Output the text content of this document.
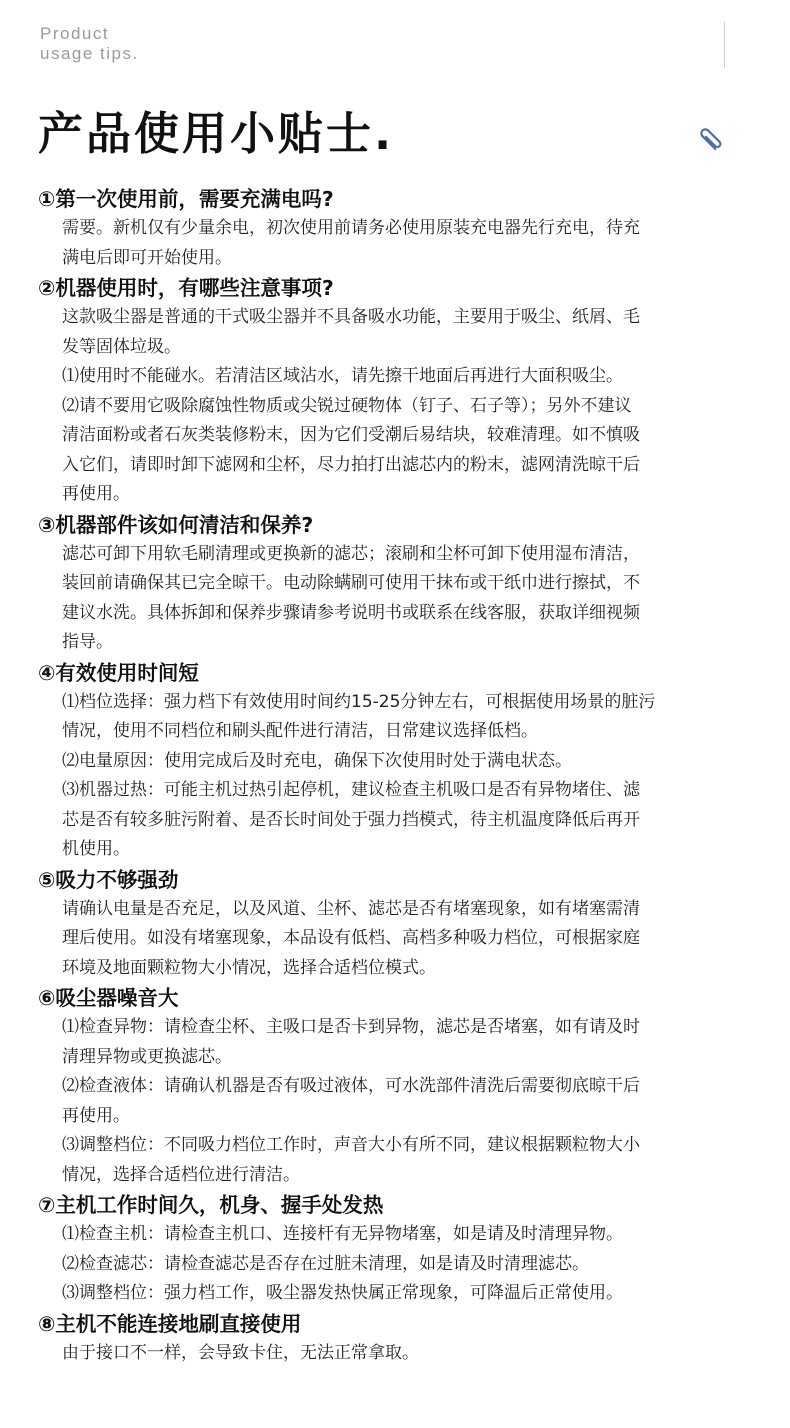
Product
usage tips.
产品使用小贴士.
①第一次使用前，需要充满电吗?
需要。新机仅有少量余电，初次使用前请务必使用原装充电器先行充电，待充
满电后即可开始使用。
②机器使用时，有哪些注意事项?
这款吸尘器是普通的干式吸尘器并不具备吸水功能，主要用于吸尘、纸屑、毛
发等固体垃圾。
⑴使用时不能碰水。若清洁区域沾水，请先擦干地面后再进行大面积吸尘。
⑵请不要用它吸除腐蚀性物质或尖锐过硬物体（钉子、石子等）；另外不建议
清洁面粉或者石灰类装修粉末，因为它们受潮后易结块，较难清理。如不慎吸
入它们，请即时卸下滤网和尘杯，尽力拍打出滤芯内的粉末，滤网清洗晾干后
再使用。
③机器部件该如何清洁和保养?
滤芯可卸下用软毛刷清理或更换新的滤芯；滚刷和尘杯可卸下使用湿布清洁，
装回前请确保其已完全晾干。电动除螨刷可使用干抹布或干纸巾进行擦拭，不
建议水洗。具体拆卸和保养步骤请参考说明书或联系在线客服，获取详细视频
指导。
④有效使用时间短
⑴档位选择：强力档下有效使用时间约15-25分钟左右，可根据使用场景的脏污
情况，使用不同档位和刷头配件进行清洁，日常建议选择低档。
⑵电量原因：使用完成后及时充电，确保下次使用时处于满电状态。
⑶机器过热：可能主机过热引起停机，建议检查主机吸口是否有异物堵住、滤
芯是否有较多脏污附着、是否长时间处于强力挡模式，待主机温度降低后再开
机使用。
⑤吸力不够强劲
请确认电量是否充足，以及风道、尘杯、滤芯是否有堵塞现象，如有堵塞需清
理后使用。如没有堵塞现象，本品设有低档、高档多种吸力档位，可根据家庭
环境及地面颗粒物大小情况，选择合适档位模式。
⑥吸尘器噪音大
⑴检查异物：请检查尘杯、主吸口是否卡到异物，滤芯是否堵塞，如有请及时
清理异物或更换滤芯。
⑵检查液体：请确认机器是否有吸过液体，可水洗部件清洗后需要彻底晾干后
再使用。
⑶调整档位：不同吸力档位工作时，声音大小有所不同，建议根据颗粒物大小
情况，选择合适档位进行清洁。
⑦主机工作时间久，机身、握手处发热
⑴检查主机：请检查主机口、连接杆有无异物堵塞，如是请及时清理异物。
⑵检查滤芯：请检查滤芯是否存在过脏未清理，如是请及时清理滤芯。
⑶调整档位：强力档工作，吸尘器发热快属正常现象，可降温后正常使用。
⑧主机不能连接地刷直接使用
由于接口不一样，会导致卡住，无法正常拿取。
